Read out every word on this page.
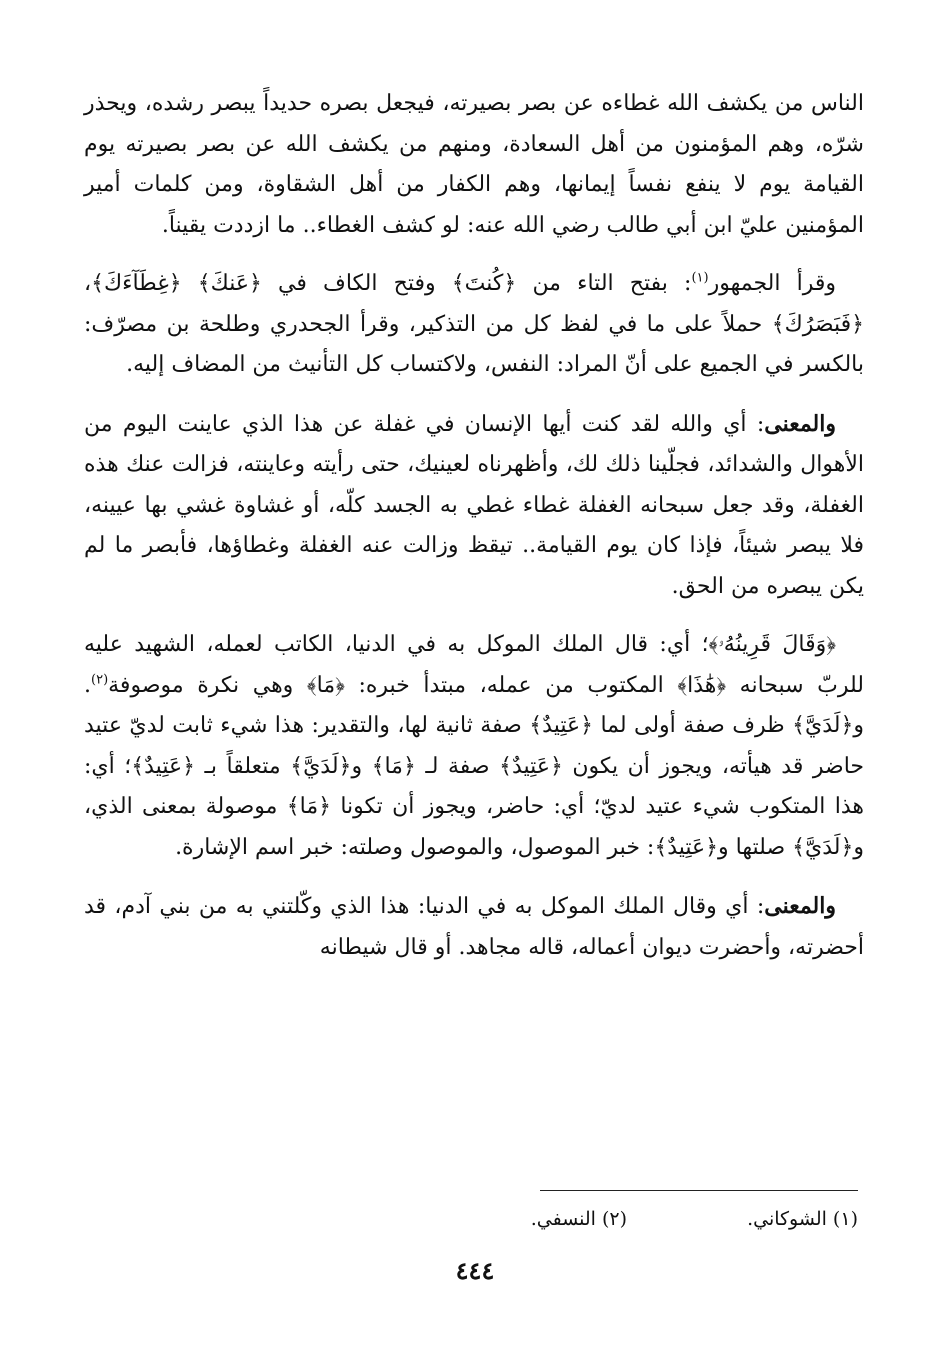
الناس من يكشف الله غطاءه عن بصر بصيرته، فيجعل بصره حديداً يبصر رشده، ويحذر شرّه، وهم المؤمنون من أهل السعادة، ومنهم من يكشف الله عن بصر بصيرته يوم القيامة يوم لا ينفع نفساً إيمانها، وهم الكفار من أهل الشقاوة، ومن كلمات أمير المؤمنين عليّ ابن أبي طالب رضي الله عنه: لو كشف الغطاء.. ما ازددت يقيناً.

وقرأ الجمهور$^{(١)}$: بفتح التاء من ﴿كُنتَ﴾ وفتح الكاف في ﴿عَنكَ﴾ ﴿غِطَآءَكَ﴾، ﴿فَبَصَرُكَ﴾ حملاً على ما في لفظ كل من التذكير، وقرأ الجحدري وطلحة بن مصرّف: بالكسر في الجميع على أنّ المراد: النفس، ولاكتساب كل التأنيث من المضاف إليه.

والمعنى: أي والله لقد كنت أيها الإنسان في غفلة عن هذا الذي عاينت اليوم من الأهوال والشدائد، فجلّينا ذلك لك، وأظهرناه لعينيك، حتى رأيته وعاينته، فزالت عنك هذه الغفلة، وقد جعل سبحانه الغفلة غطاء غطي به الجسد كلّه، أو غشاوة غشي بها عيينه، فلا يبصر شيئاً، فإذا كان يوم القيامة.. تيقظ وزالت عنه الغفلة وغطاؤها، فأبصر ما لم يكن يبصره من الحق.

﴿وَقَالَ قَرِينُهُۥ﴾؛ أي: قال الملك الموكل به في الدنيا، الكاتب لعمله، الشهيد عليه للربّ سبحانه ﴿هَٰذَا﴾ المكتوب من عمله، مبتدأ خبره: ﴿مَا﴾ وهي نكرة موصوفة$^{(٢)}$. و﴿لَدَيَّ﴾ ظرف صفة أولى لما ﴿عَتِيدٌ﴾ صفة ثانية لها، والتقدير: هذا شيء ثابت لديّ عتيد حاضر قد هيأته، ويجوز أن يكون ﴿عَتِيدٌ﴾ صفة لـ ﴿مَا﴾ و﴿لَدَيَّ﴾ متعلقاً بـ ﴿عَتِيدٌ﴾؛ أي: هذا المتكوب شيء عتيد لديّ؛ أي: حاضر، ويجوز أن تكونا ﴿مَا﴾ موصولة بمعنى الذي، و﴿لَدَيَّ﴾ صلتها و﴿عَتِيدٌ﴾: خبر الموصول، والموصول وصلته: خبر اسم الإشارة.

والمعنى: أي وقال الملك الموكل به في الدنيا: هذا الذي وكّلتني به من بني آدم، قد أحضرته، وأحضرت ديوان أعماله، قاله مجاهد. أو قال شيطانه

(١) الشوكاني.
(٢) النسفي.
٤٤٤
